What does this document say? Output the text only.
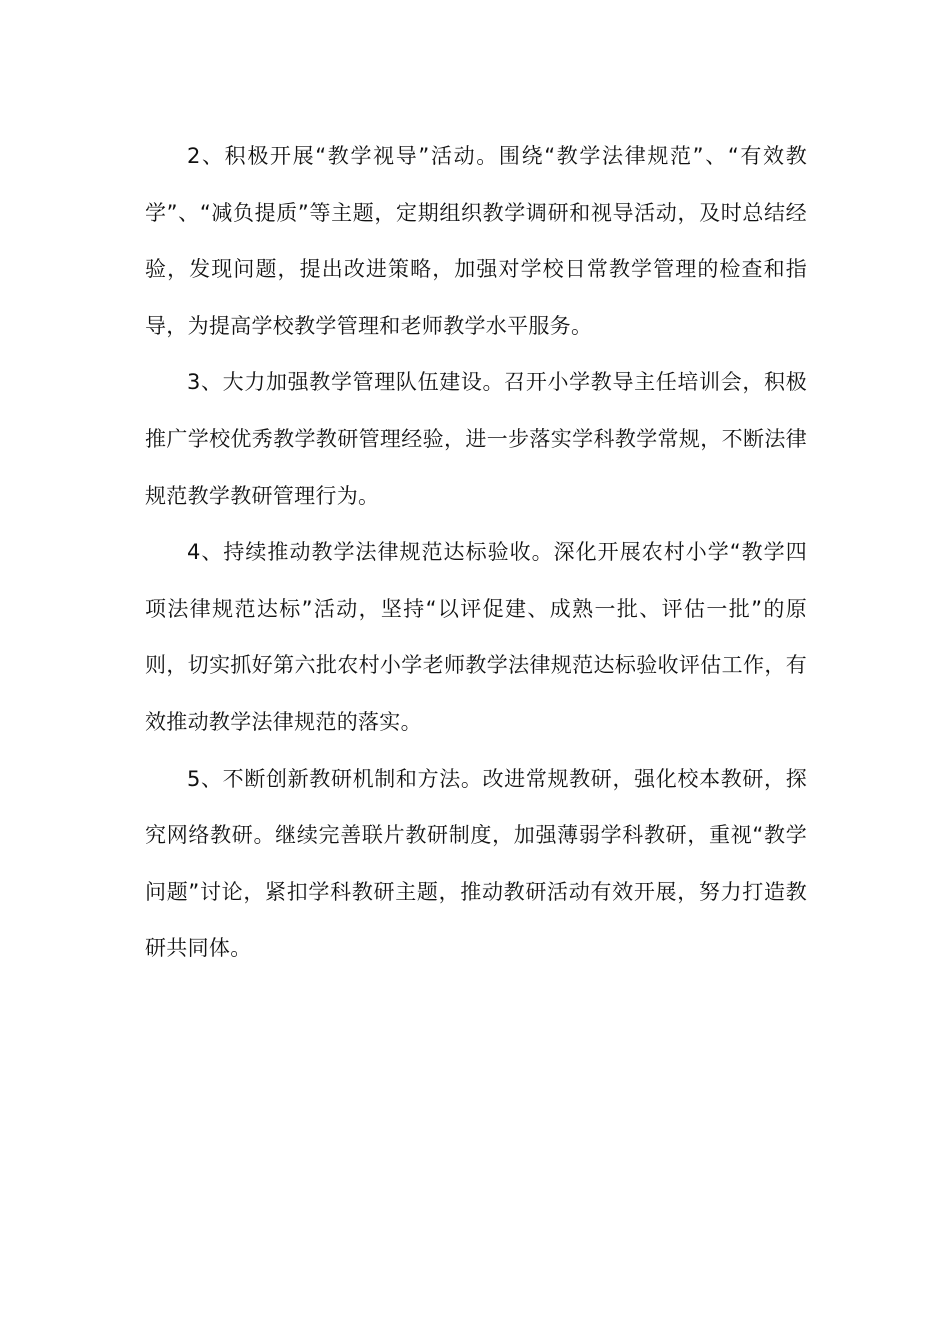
2、积极开展“教学视导”活动。围绕“教学法律规范”、“有效教学”、“减负提质”等主题，定期组织教学调研和视导活动，及时总结经验，发现问题，提出改进策略，加强对学校日常教学管理的检查和指导，为提高学校教学管理和老师教学水平服务。

3、大力加强教学管理队伍建设。召开小学教导主任培训会，积极推广学校优秀教学教研管理经验，进一步落实学科教学常规，不断法律规范教学教研管理行为。

4、持续推动教学法律规范达标验收。深化开展农村小学“教学四项法律规范达标”活动，坚持“以评促建、成熟一批、评估一批”的原则，切实抓好第六批农村小学老师教学法律规范达标验收评估工作，有效推动教学法律规范的落实。

5、不断创新教研机制和方法。改进常规教研，强化校本教研，探究网络教研。继续完善联片教研制度，加强薄弱学科教研，重视“教学问题”讨论，紧扣学科教研主题，推动教研活动有效开展，努力打造教研共同体。
